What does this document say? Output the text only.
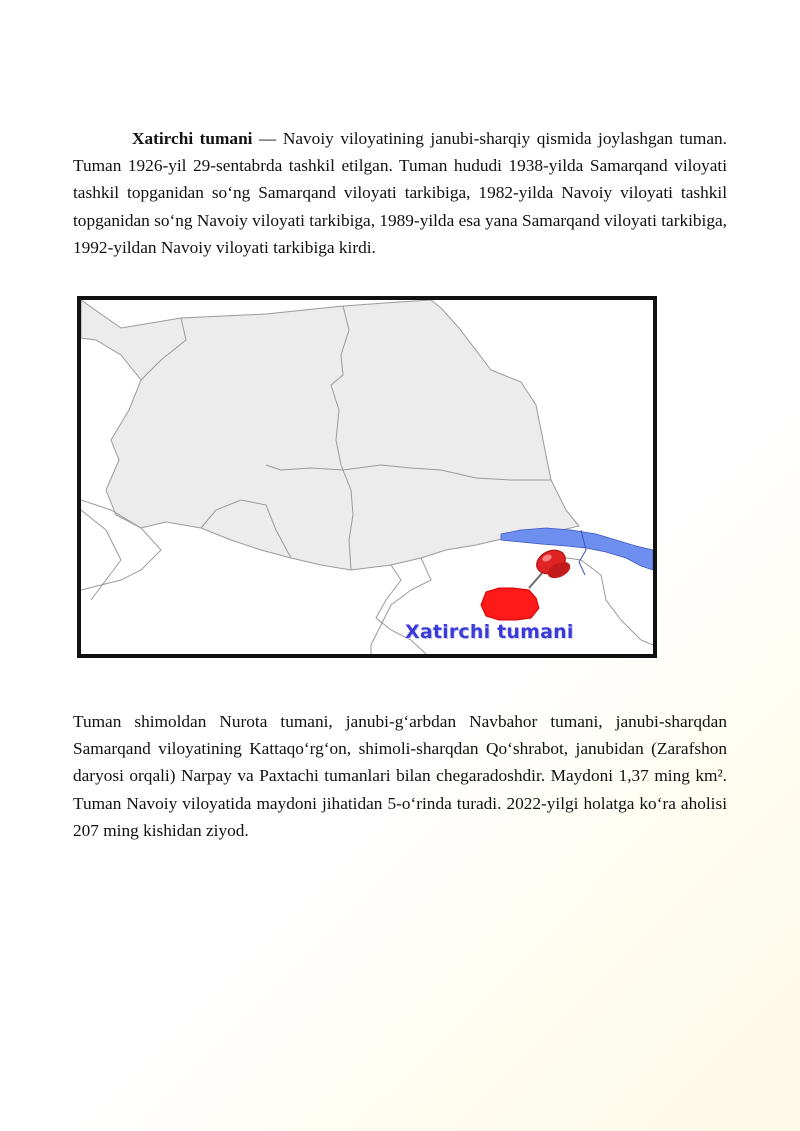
Xatirchi tumani — Navoiy viloyatining janubi-sharqiy qismida joylashgan tuman. Tuman 1926-yil 29-sentabrda tashkil etilgan. Tuman hududi 1938-yilda Samarqand viloyati tashkil topganidan so‘ng Samarqand viloyati tarkibiga, 1982-yilda Navoiy viloyati tashkil topganidan so‘ng Navoiy viloyati tarkibiga, 1989-yilda esa yana Samarqand viloyati tarkibiga, 1992-yildan Navoiy viloyati tarkibiga kirdi.

Xatirchi tumani

Tuman shimoldan Nurota tumani, janubi-g‘arbdan Navbahor tumani, janubi-sharqdan Samarqand viloyatining Kattaqo‘rg‘on, shimoli-sharqdan Qo‘shrabot, janubidan (Zarafshon daryosi orqali) Narpay va Paxtachi tumanlari bilan chegaradoshdir. Maydoni 1,37 ming km². Tuman Navoiy viloyatida maydoni jihatidan 5-o‘rinda turadi. 2022-yilgi holatga ko‘ra aholisi 207 ming kishidan ziyod.
